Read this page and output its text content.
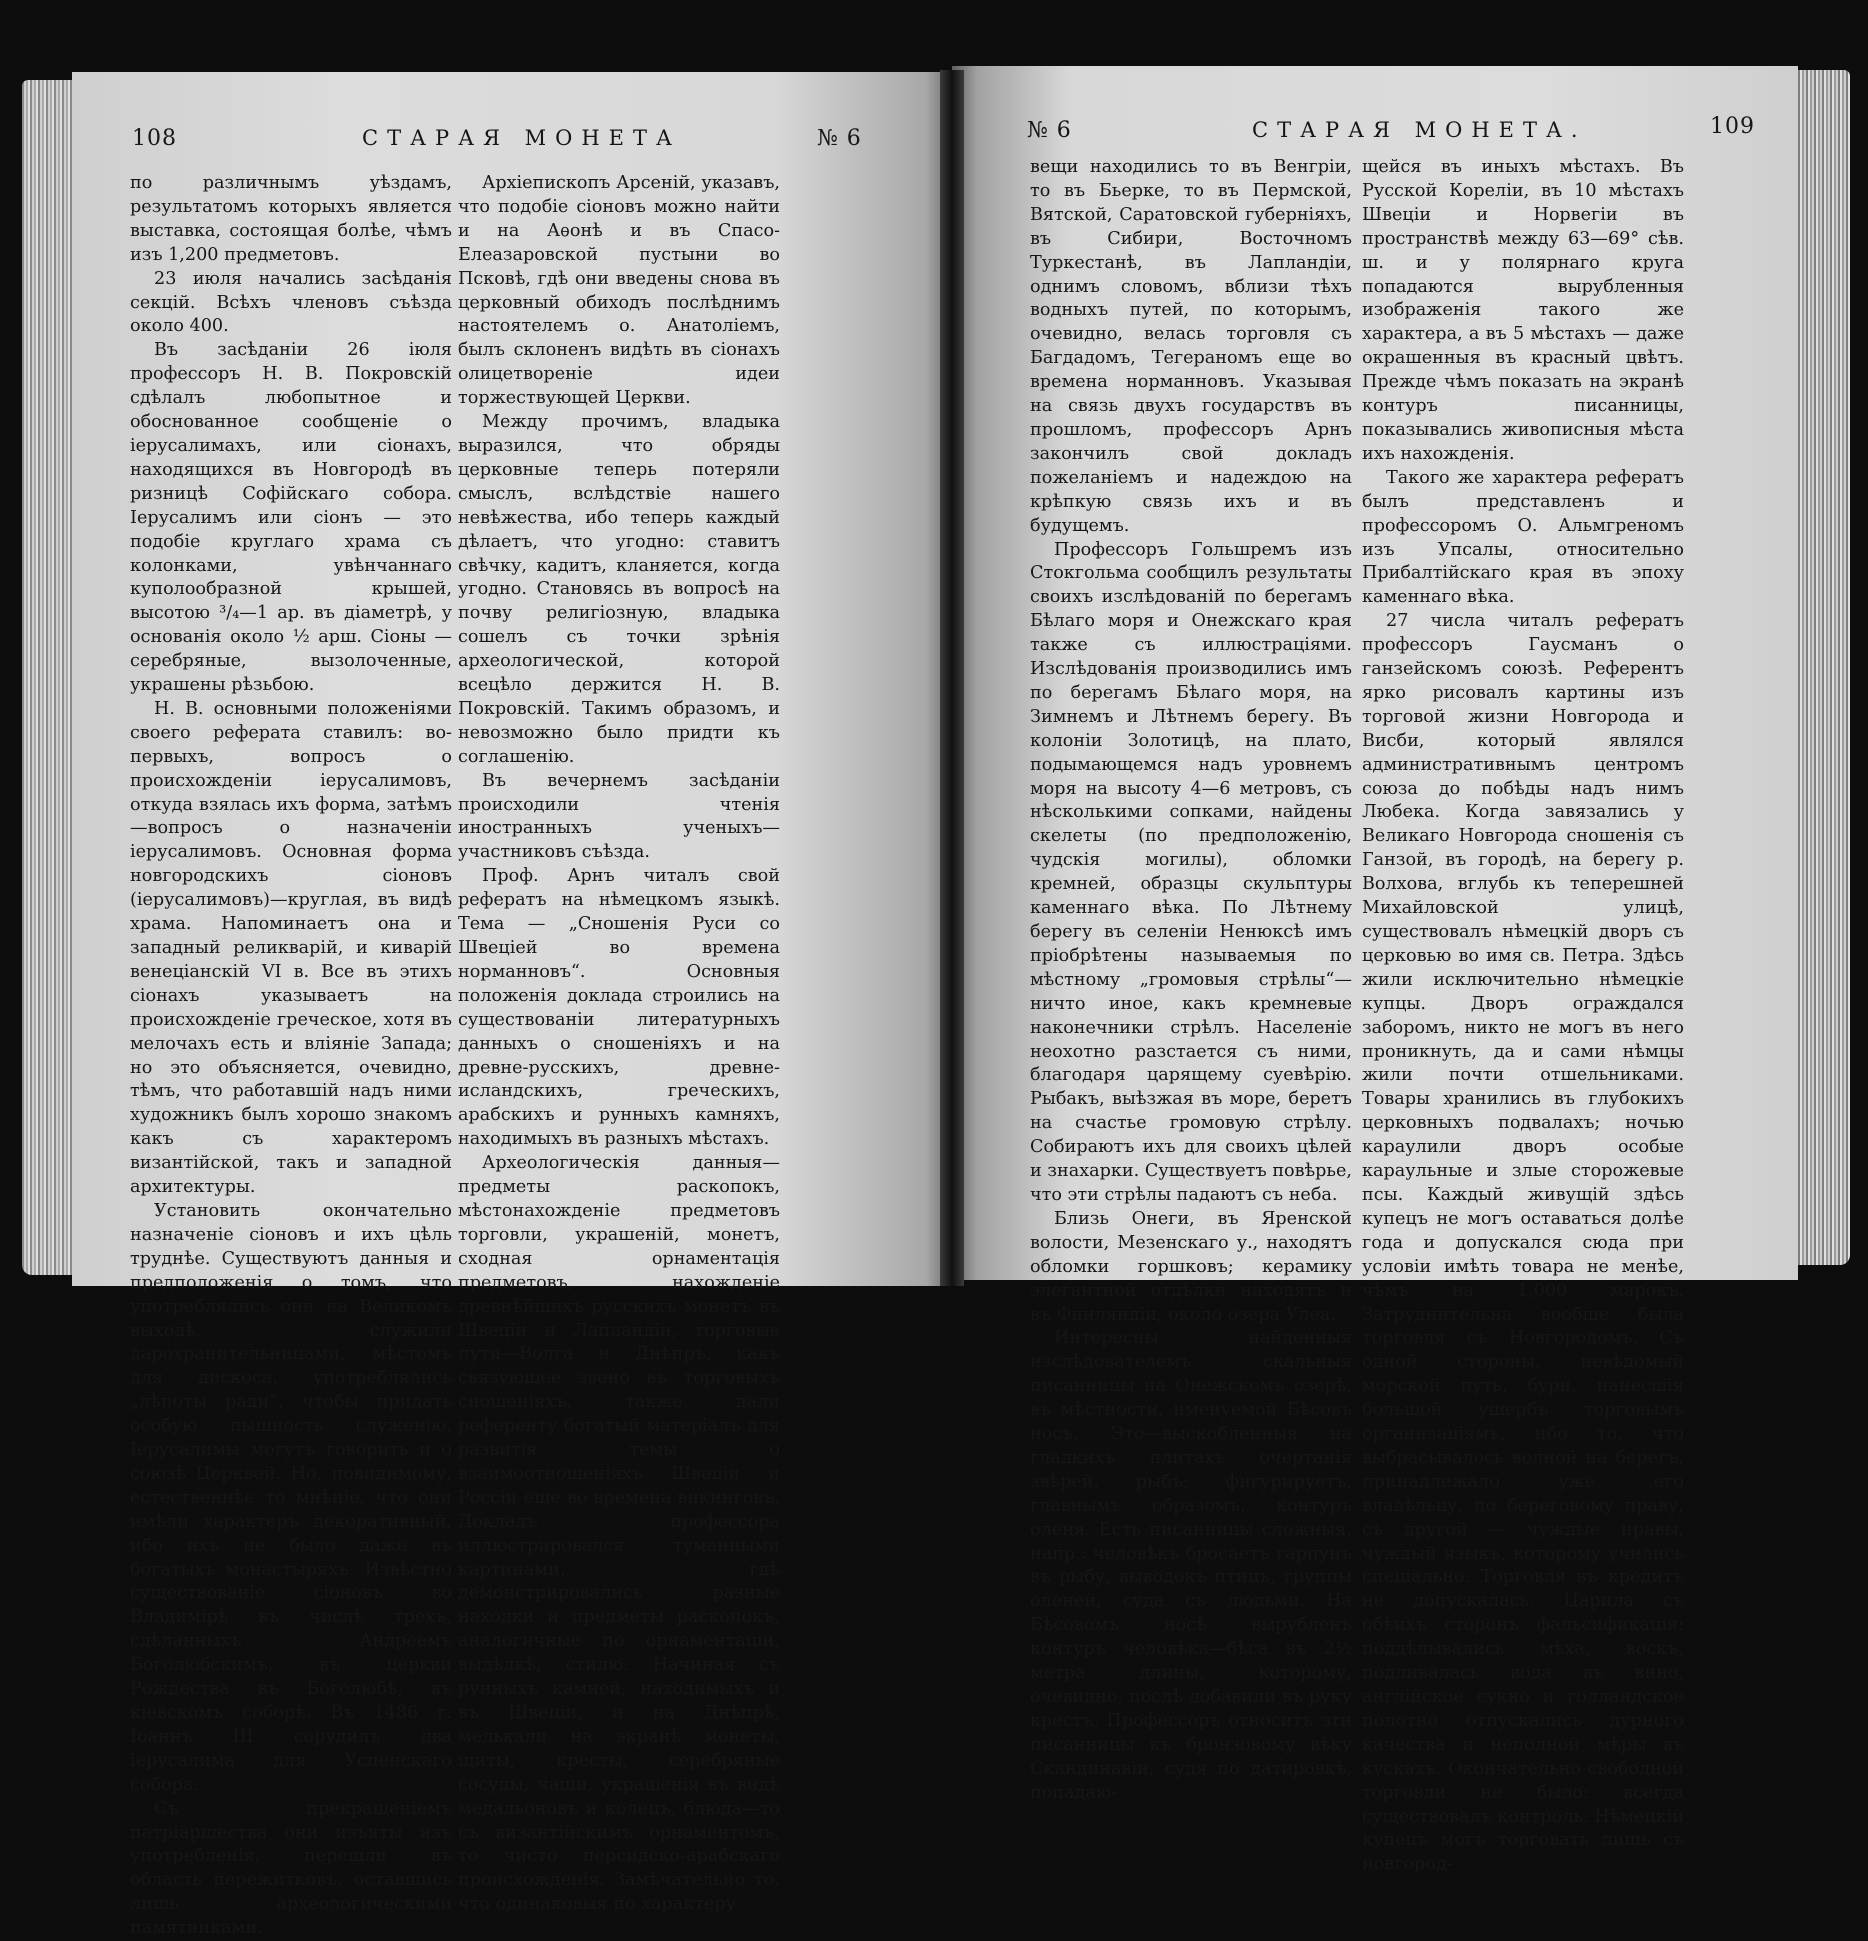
108	СТАРАЯ МОНЕТА	№ 6

по различнымъ уѣздамъ, результатомъ которыхъ является выставка, состоящая болѣе, чѣмъ изъ 1,200 предметовъ.

23 июля начались засѣданія секцій. Всѣхъ членовъ съѣзда около 400.

Въ засѣданіи 26 іюля профессоръ Н. В. Покровскій сдѣлалъ любопытное и обоснованное сообщеніе о іерусалимахъ, или сіонахъ, находящихся въ Новгородѣ въ ризницѣ Софійскаго собора. Іерусалимъ или сіонъ — это подобіе круглаго храма съ колонками, увѣнчаннаго куполообразной крышей, высотою ³/₄—1 ар. въ діаметрѣ, у основанія около ½ арш. Сіоны — серебряные, вызолоченные, украшены рѣзьбою.

Н. В. основными положеніями своего реферата ставилъ: во-первыхъ, вопросъ о происхожденіи іерусалимовъ, откуда взялась ихъ форма, затѣмъ—вопросъ о назначеніи іерусалимовъ. Основная форма новгородскихъ сіоновъ (іерусалимовъ)—круглая, въ видѣ храма. Напоминаетъ она и западный реликварій, и киварій венеціанскій VI в. Все въ этихъ сіонахъ указываетъ на происхожденіе греческое, хотя въ мелочахъ есть и вліяніе Запада; но это объясняется, очевидно, тѣмъ, что работавшій надъ ними художникъ былъ хорошо знакомъ какъ съ характеромъ византійской, такъ и западной архитектуры.

Установить окончательно назначеніе сіоновъ и ихъ цѣль труднѣе. Существуютъ данныя и предположенія о томъ, что употреблялись они на Великомъ выходѣ, служили дарохранительницами, мѣстомъ для дискоса, употреблялись „лѣпоты ради“, чтобы придать особую пышность служенію. Іерусалимы могутъ говорить и о союзѣ Церквей. Но, повидимому, естественнѣе то мнѣніе, что они имѣли характеръ декоративный, ибо ихъ не было даже въ богатыхъ монастыряхъ. Извѣстно существованіе сіоновъ во Владимірѣ въ числѣ трехъ, сдѣланныхъ Андреемъ Боголюбскимъ, въ церкви Рождества въ Боголюбѣ, въ кіевскомъ соборѣ. Въ 1486 г. Іоаннъ III сорудилъ два іерусалима для Успенскаго собора.

Съ прекращеніемъ патріаршества они изъяты изъ употребленія, перешли въ область пережитковъ, оставшись лишь археологическими памятниками.

Архіепископъ Арсеній, указавъ, что подобіе сіоновъ можно найти и на Аѳонѣ и въ Спасо-Елеазаровской пустыни во Псковѣ, гдѣ они введены снова въ церковный обиходъ послѣднимъ настоятелемъ о. Анатоліемъ, былъ склоненъ видѣть въ сіонахъ олицетвореніе идеи торжествующей Церкви.

Между прочимъ, владыка выразился, что обряды церковные теперь потеряли смыслъ, вслѣдствіе нашего невѣжества, ибо теперь каждый дѣлаетъ, что угодно: ставитъ свѣчку, кадитъ, кланяется, когда угодно. Становясь въ вопросѣ на почву религіозную, владыка сошелъ съ точки зрѣнія археологической, которой всецѣло держится Н. В. Покровскій. Такимъ образомъ, и невозможно было придти къ соглашенію.

Въ вечернемъ засѣданіи происходили чтенія иностранныхъ ученыхъ—участниковъ съѣзда.

Проф. Арнъ читалъ свой рефератъ на нѣмецкомъ языкѣ. Тема — „Сношенія Руси со Швеціей во времена норманновъ“. Основныя положенія доклада строились на существованіи литературныхъ данныхъ о сношеніяхъ и на древне-русскихъ, древне-исландскихъ, греческихъ, арабскихъ и рунныхъ камняхъ, находимыхъ въ разныхъ мѣстахъ.

Археологическія данныя—предметы раскопокъ, мѣстонахожденіе предметовъ торговли, украшеній, монетъ, сходная орнаментація предметовъ, нахожденіе древнѣйшихъ русскихъ монетъ въ Швеціи и Лапландіи, торговые пути—Волга и Днѣпръ, какъ связующее звено въ торговыхъ сношеніяхъ, также дали референту богатый матеріалъ для развитія темы о взаимоотношеніяхъ Швеціи и Россіи еще во времена викинговъ. Докладъ профессора иллюстрировался туманными картинами, гдѣ демонстрировались разные находки и предметы раскопокъ, аналогичные по орнаментаціи, выдѣлкѣ, стилю. Начиная съ рунныхъ камней, находимыхъ и въ Швеціи, и на Днѣпрѣ, мелькали на экранѣ монеты, щиты, кресты, серебряные сосуды, чаши, украшенія въ видѣ медальоновъ и колецъ, блюда—то съ византійскимъ орнаментомъ, то чисто персидско-арабскаго происхожденія. Замѣчательно то, что одинаковыя по характеру

№ 6	СТАРАЯ МОНЕТА.	109

вещи находились то въ Венгріи, то въ Бьерке, то въ Пермской, Вятской, Саратовской губерніяхъ, въ Сибири, Восточномъ Туркестанѣ, въ Лапландіи, однимъ словомъ, вблизи тѣхъ водныхъ путей, по которымъ, очевидно, велась торговля съ Багдадомъ, Тегераномъ еще во времена норманновъ. Указывая на связь двухъ государствъ въ прошломъ, профессоръ Арнъ закончилъ свой докладъ пожеланіемъ и надеждою на крѣпкую связь ихъ и въ будущемъ.

Профессоръ Гольшремъ изъ Стокгольма сообщилъ результаты своихъ изслѣдованій по берегамъ Бѣлаго моря и Онежскаго края также съ иллюстраціями. Изслѣдованія производились имъ по берегамъ Бѣлаго моря, на Зимнемъ и Лѣтнемъ берегу. Въ колоніи Золотицѣ, на плато, подымающемся надъ уровнемъ моря на высоту 4—6 метровъ, съ нѣсколькими сопками, найдены скелеты (по предположенію, чудскія могилы), обломки кремней, образцы скульптуры каменнаго вѣка. По Лѣтнему берегу въ селеніи Ненюксѣ имъ пріобрѣтены называемыя по мѣстному „громовыя стрѣлы“—ничто иное, какъ кремневые наконечники стрѣлъ. Населеніе неохотно разстается съ ними, благодаря царящему суевѣрію. Рыбакъ, выѣзжая въ море, беретъ на счастье громовую стрѣлу. Собираютъ ихъ для своихъ цѣлей и знахарки. Существуетъ повѣрье, что эти стрѣлы падаютъ съ неба.

Близь Онеги, въ Яренской волости, Мезенскаго у., находятъ обломки горшковъ; керамику элегантной отдѣлки находятъ и въ Финляндіи, около озера Улеа.

Интересны найденныя изслѣдователемъ скальныя писанницы на Онежскомъ озерѣ, въ мѣстности, именуемой Бѣсовъ носъ. Это—выскобленныя на гладкихъ плитахъ очертанія звѣрей, рыбъ; фигурируетъ, главнымъ образомъ, контуръ оленя. Есть писанницы сложныя, напр.: человѣкъ бросаетъ гарпунъ въ рыбу, выводокъ птицъ, группы оленей, суда съ людьми. На Бѣсовомъ носѣ вырубленъ контуръ человѣка—бѣса въ 2½ метра длины, которому, очевидно, послѣ добавили въ руку крестъ. Профессоръ относитъ эти писанницы къ бронзовому вѣку Скандинавіи, судя по датировкѣ, попадаю-

щейся въ иныхъ мѣстахъ. Въ Русской Кореліи, въ 10 мѣстахъ Швеціи и Норвегіи въ пространствѣ между 63—69° сѣв. ш. и у полярнаго круга попадаются вырубленныя изображенія такого же характера, а въ 5 мѣстахъ — даже окрашенныя въ красный цвѣтъ. Прежде чѣмъ показать на экранѣ контуръ писанницы, показывались живописныя мѣста ихъ нахожденія.

Такого же характера рефератъ былъ представленъ и профессоромъ О. Альмгреномъ изъ Упсалы, относительно Прибалтійскаго края въ эпоху каменнаго вѣка.

27 числа читалъ рефератъ профессоръ Гаусманъ о ганзейскомъ союзѣ. Референтъ ярко рисовалъ картины изъ торговой жизни Новгорода и Висби, который являлся административнымъ центромъ союза до побѣды надъ нимъ Любека. Когда завязались у Великаго Новгорода сношенія съ Ганзой, въ городѣ, на берегу р. Волхова, вглубь къ теперешней Михайловской улицѣ, существовалъ нѣмецкій дворъ съ церковью во имя св. Петра. Здѣсь жили исключительно нѣмецкіе купцы. Дворъ ограждался заборомъ, никто не могъ въ него проникнуть, да и сами нѣмцы жили почти отшельниками. Товары хранились въ глубокихъ церковныхъ подвалахъ; ночью караулили дворъ особые караульные и злые сторожевые псы. Каждый живущій здѣсь купецъ не могъ оставаться долѣе года и допускался сюда при условіи имѣть товара не менѣе, чѣмъ на 1,000 марокъ. Затруднительна вообще была торговля съ Новгородомъ. Съ одной стороны, невѣдомый морской путь, бури, нанесшія большой ущербъ торговымъ организаціямъ, ибо то, что выбрасывалось волной на берегъ, принадлежало уже его владѣльцу, по береговому праву, съ другой — чуждые нравы, чуждый языкъ, которому учились спеціально. Торговля въ кредитъ не допускалась. Царила съ обѣихъ сторонъ фальсификація: поддѣлывались мѣха, воскъ, подливалась вода въ вино, англійское сукно и голландское полотно отпускались дурного качества и неполной мѣры въ кускахъ. Окончательно свободной торговли не было: всегда существовалъ контроль. Нѣмецкій купецъ могъ торговать лишь съ новгород-
